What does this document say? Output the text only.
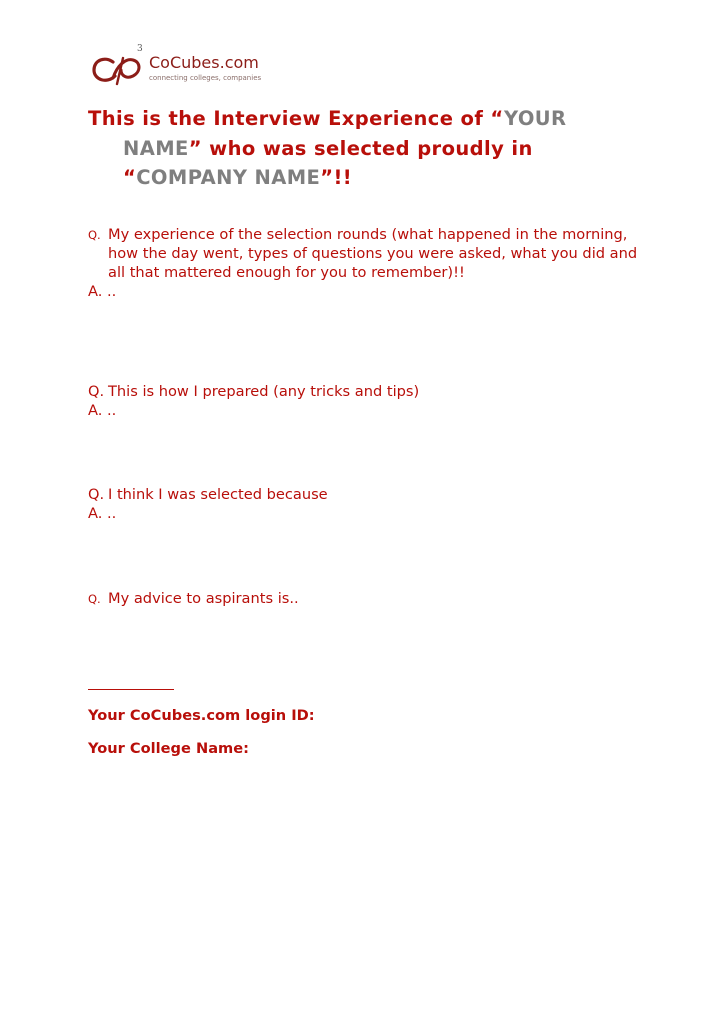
3
CoCubes.com
connecting colleges, companies
This is the Interview Experience of “YOUR
NAME” who was selected proudly in
“COMPANY NAME”!!
Q. My experience of the selection rounds (what happened in the morning, how the day went, types of questions you were asked, what you did and all that mattered enough for you to remember)!!
A. ..
Q. This is how I prepared (any tricks and tips)
A. ..
Q. I think I was selected because
A. ..
Q. My advice to aspirants is..
Your CoCubes.com login ID:
Your College Name:
